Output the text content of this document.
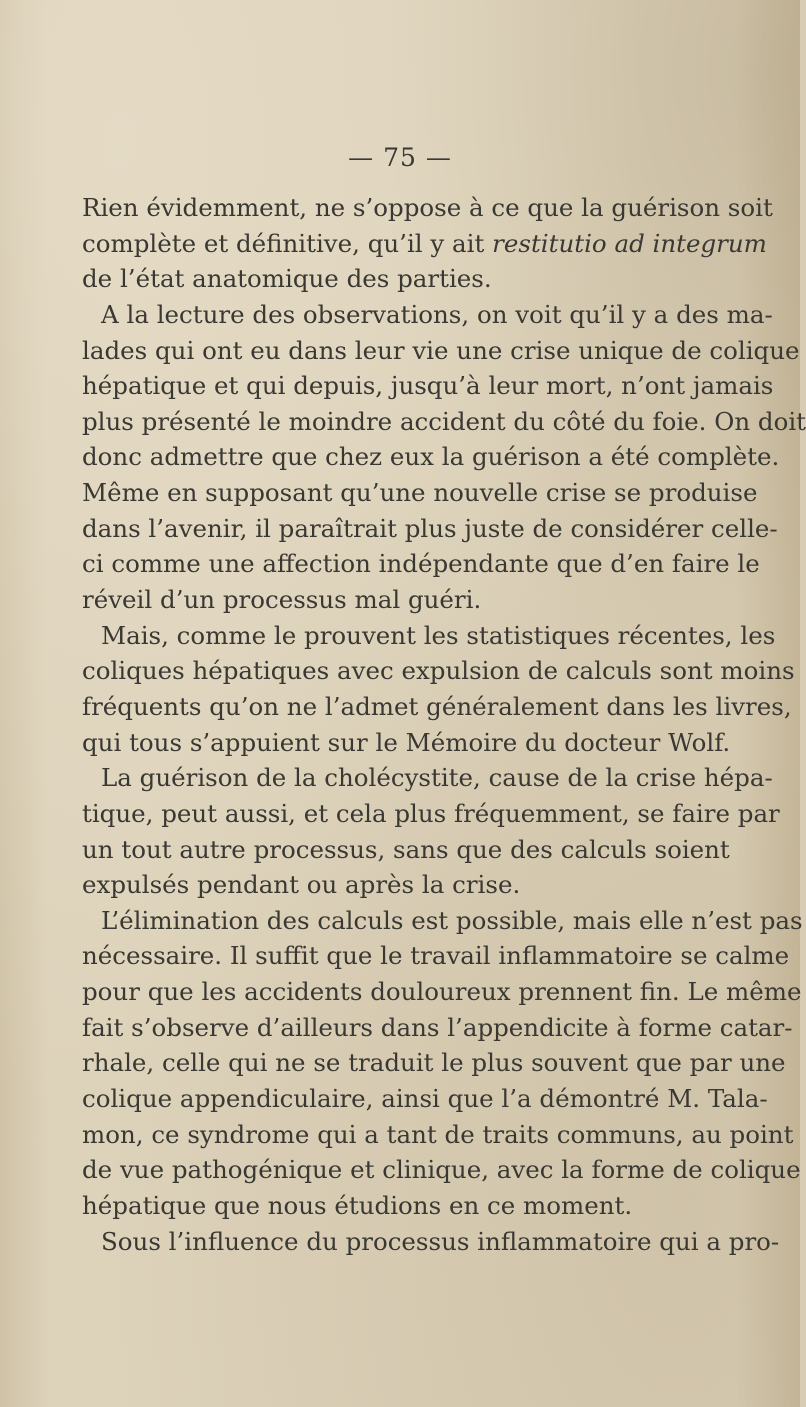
— 75 —
Rien évidemment, ne s’oppose à ce que la guérison soit
complète et définitive, qu’il y ait restitutio ad integrum
de l’état anatomique des parties.
A la lecture des observations, on voit qu’il y a des ma-
lades qui ont eu dans leur vie une crise unique de colique
hépatique et qui depuis, jusqu’à leur mort, n’ont jamais
plus présenté le moindre accident du côté du foie. On doit
donc admettre que chez eux la guérison a été complète.
Même en supposant qu’une nouvelle crise se produise
dans l’avenir, il paraîtrait plus juste de considérer celle-
ci comme une affection indépendante que d’en faire le
réveil d’un processus mal guéri.
Mais, comme le prouvent les statistiques récentes, les
coliques hépatiques avec expulsion de calculs sont moins
fréquents qu’on ne l’admet généralement dans les livres,
qui tous s’appuient sur le Mémoire du docteur Wolf.
La guérison de la cholécystite, cause de la crise hépa-
tique, peut aussi, et cela plus fréquemment, se faire par
un tout autre processus, sans que des calculs soient
expulsés pendant ou après la crise.
L’élimination des calculs est possible, mais elle n’est pas
nécessaire. Il suffit que le travail inflammatoire se calme
pour que les accidents douloureux prennent fin. Le même
fait s’observe d’ailleurs dans l’appendicite à forme catar-
rhale, celle qui ne se traduit le plus souvent que par une
colique appendiculaire, ainsi que l’a démontré M. Tala-
mon, ce syndrome qui a tant de traits communs, au point
de vue pathogénique et clinique, avec la forme de colique
hépatique que nous étudions en ce moment.
Sous l’influence du processus inflammatoire qui a pro-
